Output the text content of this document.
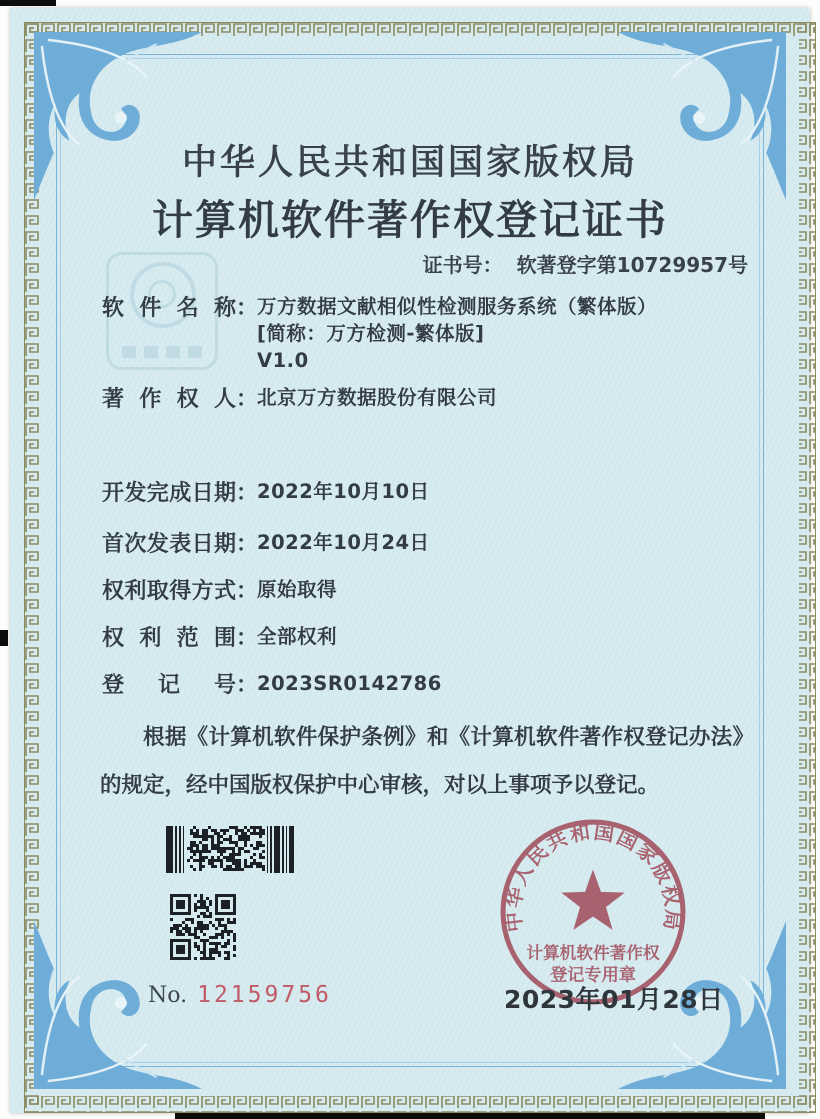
中华人民共和国国家版权局
计算机软件著作权登记证书
证书号： 软著登字第10729957号
软件名称：
万方数据文献相似性检测服务系统（繁体版）
[简称：万方检测-繁体版]
V1.0
著作权人：
北京万方数据股份有限公司
开发完成日期：
2022年10月10日
首次发表日期：
2022年10月24日
权利取得方式：
原始取得
权利范围：
全部权利
登记号：
2023SR0142786
根据《计算机软件保护条例》和《计算机软件著作权登记办法》的规定，经中国版权保护中心审核，对以上事项予以登记。
No. 12159756
中华人民共和国国家版权局
计算机软件著作权
登记专用章
2023年01月28日
